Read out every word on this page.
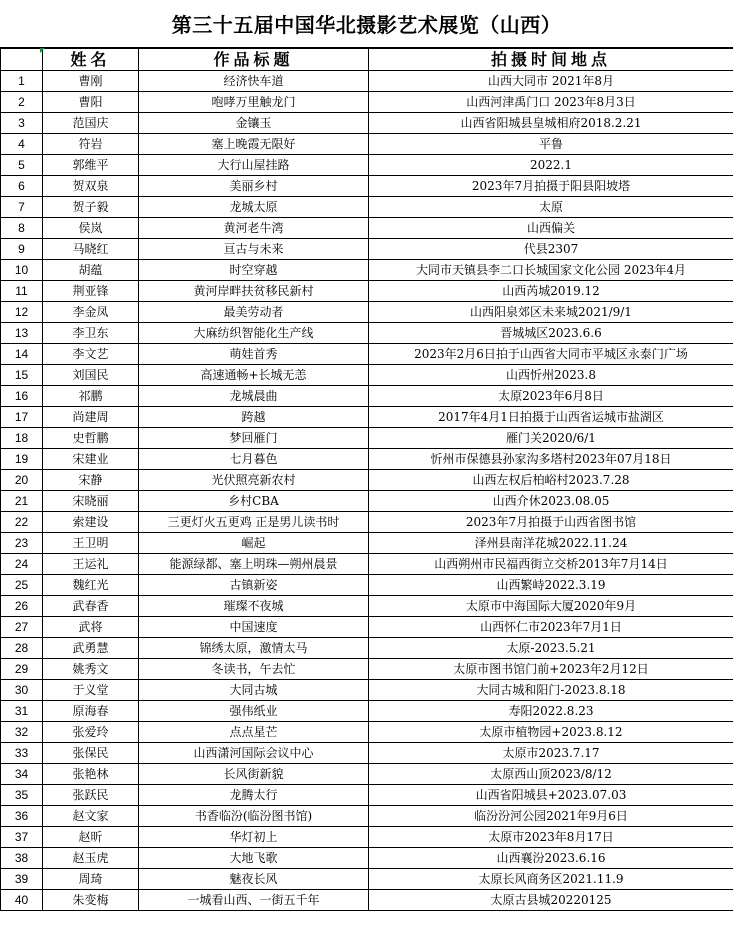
第三十五届中国华北摄影艺术展览（山西）
	姓名	作品标题	拍摄时间地点
1	曹刚	经济快车道	山西大同市 2021年8月
2	曹阳	咆哮万里触龙门	山西河津禹门口 2023年8月3日
3	范国庆	金镶玉	山西省阳城县皇城相府2018.2.21
4	符岩	塞上晚霞无限好	平鲁
5	郭维平	大行山屋挂路	2022.1
6	贺双泉	美丽乡村	2023年7月拍摄于阳县阳坡塔
7	贺子毅	龙城太原	太原
8	侯岚	黄河老牛湾	山西偏关
9	马晓红	亘古与未来	代县2307
10	胡蕴	时空穿越	大同市天镇县李二口长城国家文化公园 2023年4月
11	荆亚锋	黄河岸畔扶贫移民新村	山西芮城2019.12
12	李金凤	最美劳动者	山西阳泉郊区未来城2021/9/1
13	李卫东	大麻纺织智能化生产线	晋城城区2023.6.6
14	李文艺	萌娃首秀	2023年2月6日拍于山西省大同市平城区永泰门广场
15	刘国民	高速通畅+长城无恙	山西忻州2023.8
16	祁鹏	龙城晨曲	太原2023年6月8日
17	尚建周	跨越	2017年4月1日拍摄于山西省运城市盐湖区
18	史哲鹏	梦回雁门	雁门关2020/6/1
19	宋建业	七月暮色	忻州市保德县孙家沟多塔村2023年07月18日
20	宋静	光伏照亮新农村	山西左权后柏峪村2023.7.28
21	宋晓丽	乡村CBA	山西介休2023.08.05
22	索建设	三更灯火五更鸡 正是男儿读书时	2023年7月拍摄于山西省图书馆
23	王卫明	崛起	泽州县南洋花城2022.11.24
24	王运礼	能源绿都、塞上明珠—朔州晨景	山西朔州市民福西街立交桥2013年7月14日
25	魏红光	古镇新姿	山西繁峙2022.3.19
26	武春香	璀璨不夜城	太原市中海国际大厦2020年9月
27	武将	中国速度	山西怀仁市2023年7月1日
28	武勇慧	锦绣太原，激情太马	太原-2023.5.21
29	姚秀文	冬读书，午去忙	太原市图书馆门前+2023年2月12日
30	于义堂	大同古城	大同古城和阳门-2023.8.18
31	原海春	强伟纸业	寿阳2022.8.23
32	张爱玲	点点星芒	太原市植物园+2023.8.12
33	张保民	山西潇河国际会议中心	太原市2023.7.17
34	张艳林	长风街新貌	太原西山顶2023/8/12
35	张跃民	龙腾太行	山西省阳城县+2023.07.03
36	赵文家	书香临汾(临汾图书馆)	临汾汾河公园2021年9月6日
37	赵昕	华灯初上	太原市2023年8月17日
38	赵玉虎	大地飞歌	山西襄汾2023.6.16
39	周琦	魅夜长风	太原长风商务区2021.11.9
40	朱变梅	一城看山西、一街五千年	太原古县城20220125
